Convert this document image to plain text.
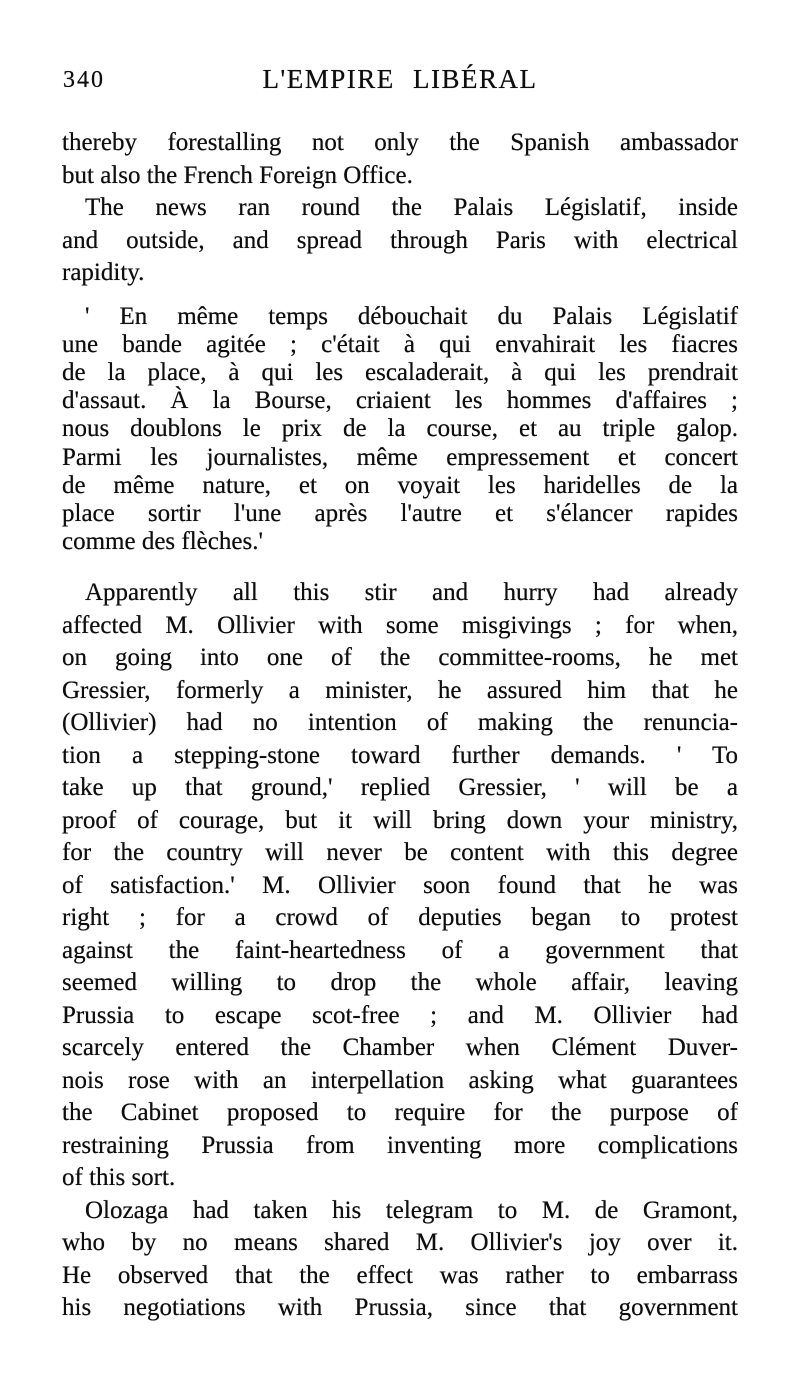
340	L'EMPIRE LIBÉRAL
thereby forestalling not only the Spanish ambassador
but also the French Foreign Office.
The news ran round the Palais Législatif, inside
and outside, and spread through Paris with electrical
rapidity.
' En même temps débouchait du Palais Législatif
une bande agitée ; c'était à qui envahirait les fiacres
de la place, à qui les escaladerait, à qui les prendrait
d'assaut. À la Bourse, criaient les hommes d'affaires ;
nous doublons le prix de la course, et au triple galop.
Parmi les journalistes, même empressement et concert
de même nature, et on voyait les haridelles de la
place sortir l'une après l'autre et s'élancer rapides
comme des flèches.'
Apparently all this stir and hurry had already
affected M. Ollivier with some misgivings ; for when,
on going into one of the committee-rooms, he met
Gressier, formerly a minister, he assured him that he
(Ollivier) had no intention of making the renuncia-
tion a stepping-stone toward further demands. ' To
take up that ground,' replied Gressier, ' will be a
proof of courage, but it will bring down your ministry,
for the country will never be content with this degree
of satisfaction.' M. Ollivier soon found that he was
right ; for a crowd of deputies began to protest
against the faint-heartedness of a government that
seemed willing to drop the whole affair, leaving
Prussia to escape scot-free ; and M. Ollivier had
scarcely entered the Chamber when Clément Duver-
nois rose with an interpellation asking what guarantees
the Cabinet proposed to require for the purpose of
restraining Prussia from inventing more complications
of this sort.
Olozaga had taken his telegram to M. de Gramont,
who by no means shared M. Ollivier's joy over it.
He observed that the effect was rather to embarrass
his negotiations with Prussia, since that government
